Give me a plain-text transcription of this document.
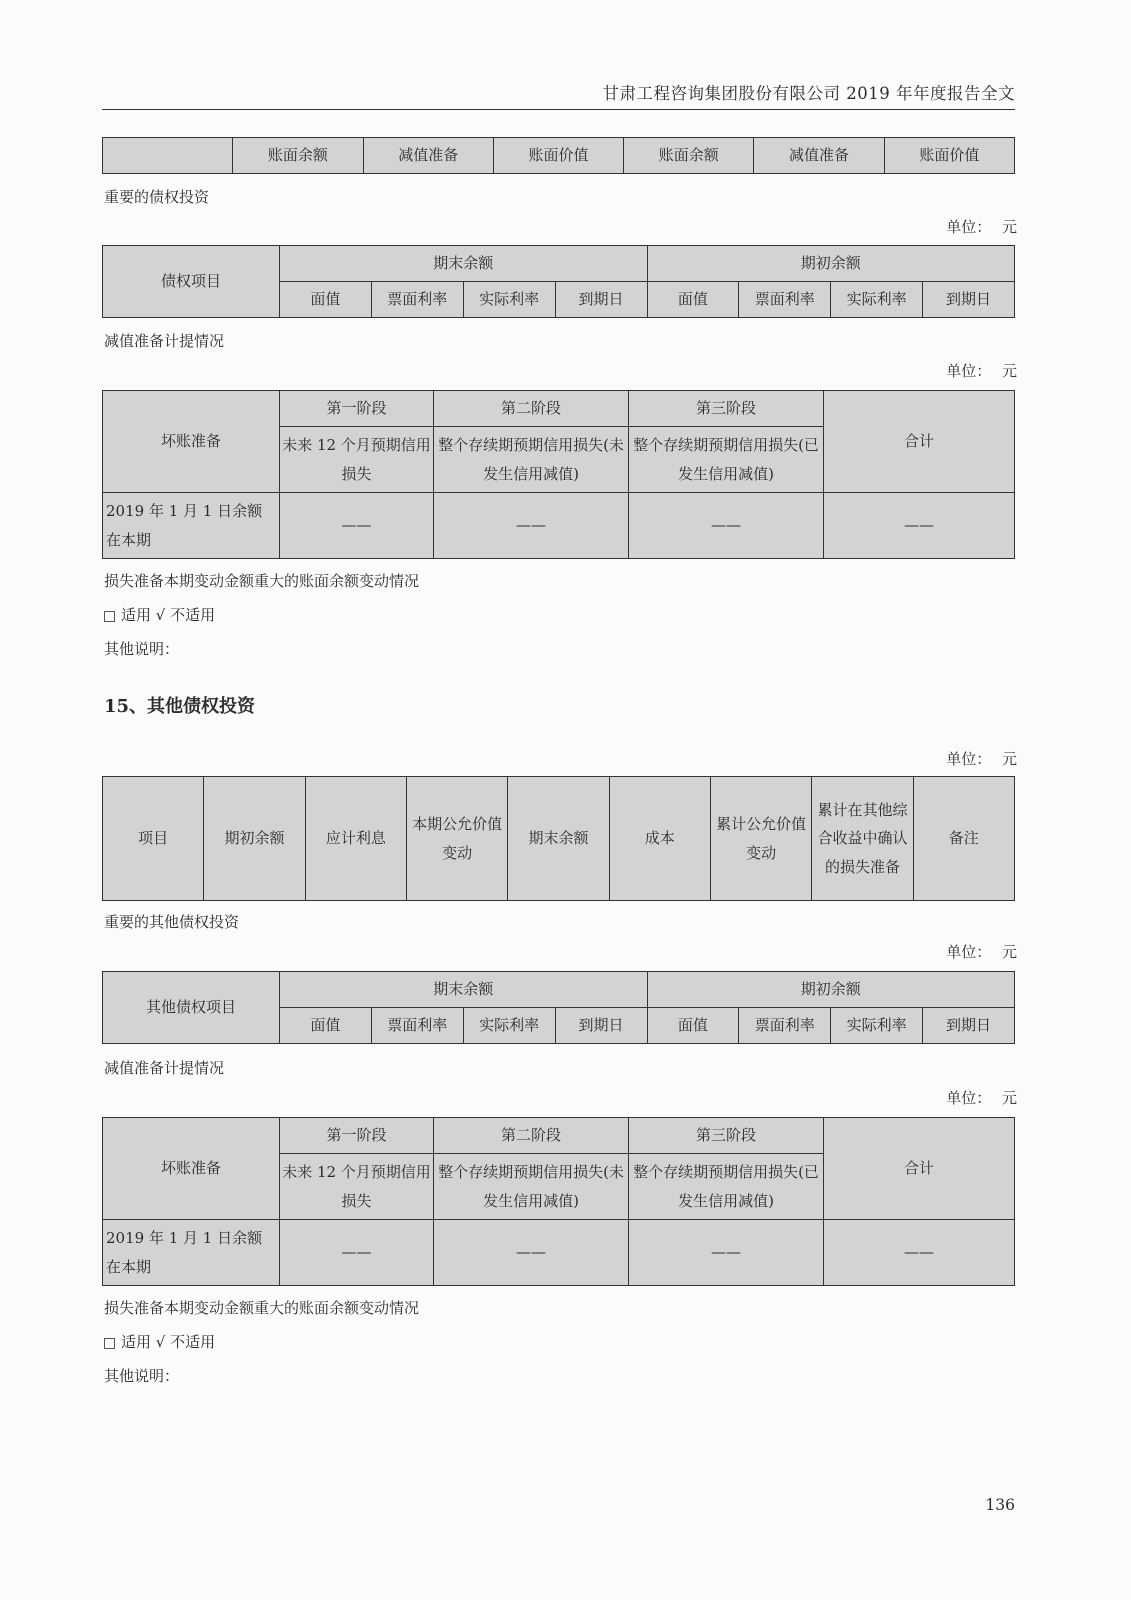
甘肃工程咨询集团股份有限公司 2019 年年度报告全文
	账面余额	减值准备	账面价值	账面余额	减值准备	账面价值
重要的债权投资
单位： 元
债权项目	期末余额				期初余额			
	面值	票面利率	实际利率	到期日	面值	票面利率	实际利率	到期日
减值准备计提情况
单位： 元
坏账准备	第一阶段	第二阶段	第三阶段	合计
	未来 12 个月预期信用损失	整个存续期预期信用损失(未发生信用减值)	整个存续期预期信用损失(已发生信用减值)	
2019 年 1 月 1 日余额在本期	——	——	——	——
损失准备本期变动金额重大的账面余额变动情况
适用 √ 不适用
其他说明：
15、其他债权投资
单位： 元
项目	期初余额	应计利息	本期公允价值变动	期末余额	成本	累计公允价值变动	累计在其他综合收益中确认的损失准备	备注
重要的其他债权投资
单位： 元
其他债权项目	期末余额				期初余额			
	面值	票面利率	实际利率	到期日	面值	票面利率	实际利率	到期日
减值准备计提情况
单位： 元
坏账准备	第一阶段	第二阶段	第三阶段	合计
	未来 12 个月预期信用损失	整个存续期预期信用损失(未发生信用减值)	整个存续期预期信用损失(已发生信用减值)	
2019 年 1 月 1 日余额在本期	——	——	——	——
损失准备本期变动金额重大的账面余额变动情况
适用 √ 不适用
其他说明：
136
